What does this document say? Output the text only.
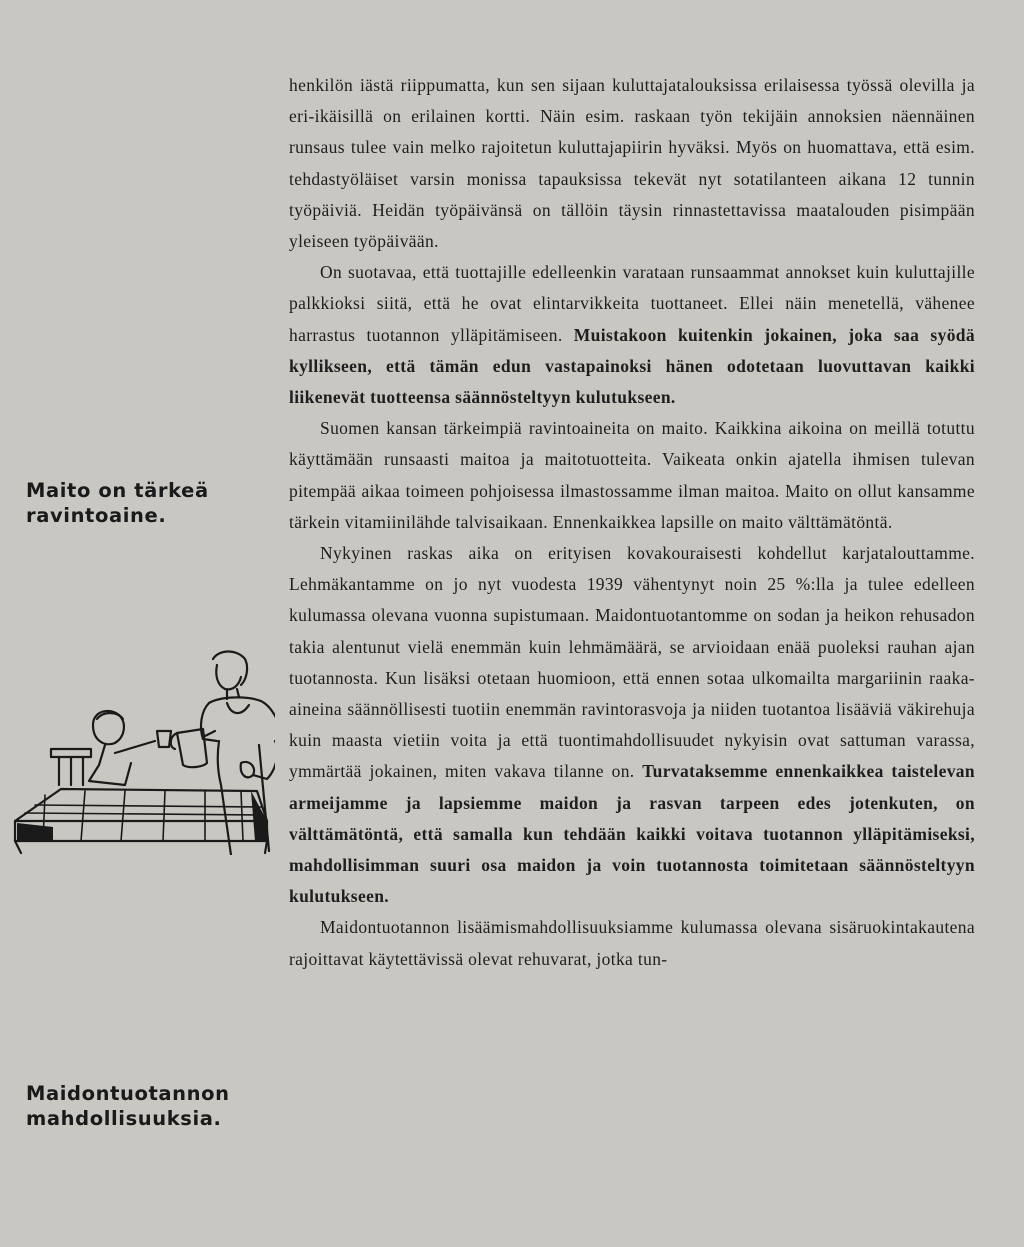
Maito on tärkeä
ravintoaine.
Maidontuotannon
mahdollisuuksia.

henkilön iästä riippumatta, kun sen sijaan kuluttajatalouksissa erilaisessa työssä olevilla ja eri-ikäisillä on erilainen kortti. Näin esim. raskaan työn tekijäin annoksien näennäinen runsaus tulee vain melko rajoitetun kuluttajapiirin hyväksi. Myös on huomattava, että esim. tehdastyöläiset varsin monissa tapauksissa tekevät nyt sotatilanteen aikana 12 tunnin työpäiviä. Heidän työpäivänsä on tällöin täysin rinnastettavissa maatalouden pisimpään yleiseen työpäivään.

On suotavaa, että tuottajille edelleenkin varataan runsaammat annokset kuin kuluttajille palkkioksi siitä, että he ovat elintarvikkeita tuottaneet. Ellei näin menetellä, vähenee harrastus tuotannon ylläpitämiseen. Muistakoon kuitenkin jokainen, joka saa syödä kyllikseen, että tämän edun vastapainoksi hänen odotetaan luovuttavan kaikki liikenevät tuotteensa säännösteltyyn kulutukseen.

Suomen kansan tärkeimpiä ravintoaineita on maito. Kaikkina aikoina on meillä totuttu käyttämään runsaasti maitoa ja maitotuotteita. Vaikeata onkin ajatella ihmisen tulevan pitempää aikaa toimeen pohjoisessa ilmastossamme ilman maitoa. Maito on ollut kansamme tärkein vitamiinilähde talvisaikaan. Ennenkaikkea lapsille on maito välttämätöntä.

Nykyinen raskas aika on erityisen kovakouraisesti kohdellut karjatalouttamme. Lehmäkantamme on jo nyt vuodesta 1939 vähentynyt noin 25 %:lla ja tulee edelleen kulumassa olevana vuonna supistumaan. Maidontuotantomme on sodan ja heikon rehusadon takia alentunut vielä enemmän kuin lehmämäärä, se arvioidaan enää puoleksi rauhan ajan tuotannosta. Kun lisäksi otetaan huomioon, että ennen sotaa ulkomailta margariinin raaka-aineina säännöllisesti tuotiin enemmän ravintorasvoja ja niiden tuotantoa lisääviä väkirehuja kuin maasta vietiin voita ja että tuontimahdollisuudet nykyisin ovat sattuman varassa, ymmärtää jokainen, miten vakava tilanne on. Turvataksemme ennenkaikkea taistelevan armeijamme ja lapsiemme maidon ja rasvan tarpeen edes jotenkuten, on välttämätöntä, että samalla kun tehdään kaikki voitava tuotannon ylläpitämiseksi, mahdollisimman suuri osa maidon ja voin tuotannosta toimitetaan säännösteltyyn kulutukseen.

Maidontuotannon lisäämismahdollisuuksiamme kulumassa olevana sisäruokintakautena rajoittavat käytettävissä olevat rehuvarat, jotka tun-
